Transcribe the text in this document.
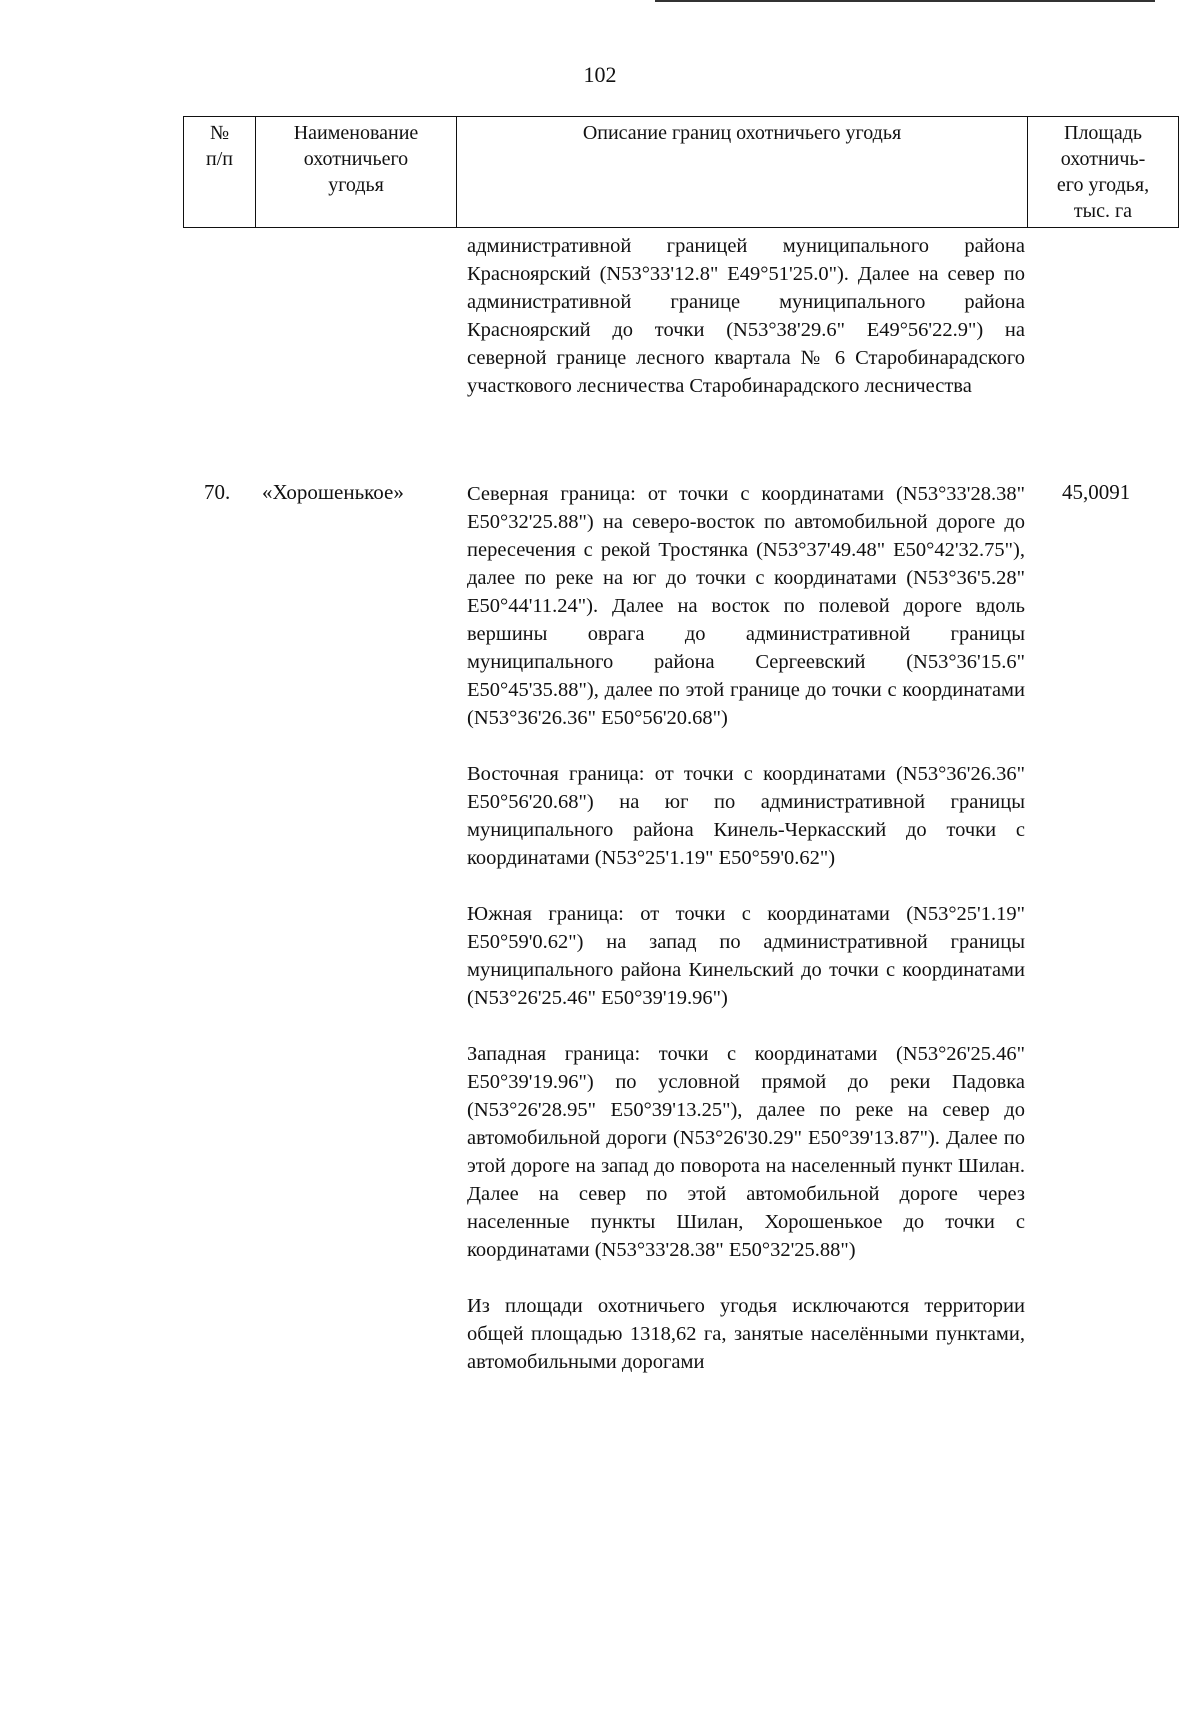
102
№
п/п
Наименование
охотничьего
угодья
Описание границ охотничьего угодья	Площадь
охотничь-
его угодья,
тыс. га

административной границей муниципального района Красноярский (N53°33'12.8" E49°51'25.0"). Далее на север по административной границе муниципального района Красноярский до точки (N53°38'29.6" E49°56'22.9") на северной границе лесного квартала № 6 Старобинарадского участкового лесничества Старобинарадского лесничества

70. «Хорошенькое»	45,0091

Северная граница: от точки с координатами (N53°33'28.38" E50°32'25.88") на северо-восток по автомобильной дороге до пересечения с рекой Тростянка (N53°37'49.48" E50°42'32.75"), далее по реке на юг до точки с координатами (N53°36'5.28" E50°44'11.24"). Далее на восток по полевой дороге вдоль вершины оврага до административной границы муниципального района Сергеевский (N53°36'15.6" E50°45'35.88"), далее по этой границе до точки с координатами (N53°36'26.36" E50°56'20.68")

Восточная граница: от точки с координатами (N53°36'26.36" E50°56'20.68") на юг по административной границы муниципального района Кинель-Черкасский до точки с координатами (N53°25'1.19" E50°59'0.62")

Южная граница: от точки с координатами (N53°25'1.19" E50°59'0.62") на запад по административной границы муниципального района Кинельский до точки с координатами (N53°26'25.46" E50°39'19.96")

Западная граница: точки с координатами (N53°26'25.46" E50°39'19.96") по условной прямой до реки Падовка (N53°26'28.95" E50°39'13.25"), далее по реке на север до автомобильной дороги (N53°26'30.29" E50°39'13.87"). Далее по этой дороге на запад до поворота на населенный пункт Шилан. Далее на север по этой автомобильной дороге через населенные пункты Шилан, Хорошенькое до точки с координатами (N53°33'28.38" E50°32'25.88")

Из площади охотничьего угодья исключаются территории общей площадью 1318,62 га, занятые населёнными пунктами, автомобильными дорогами
